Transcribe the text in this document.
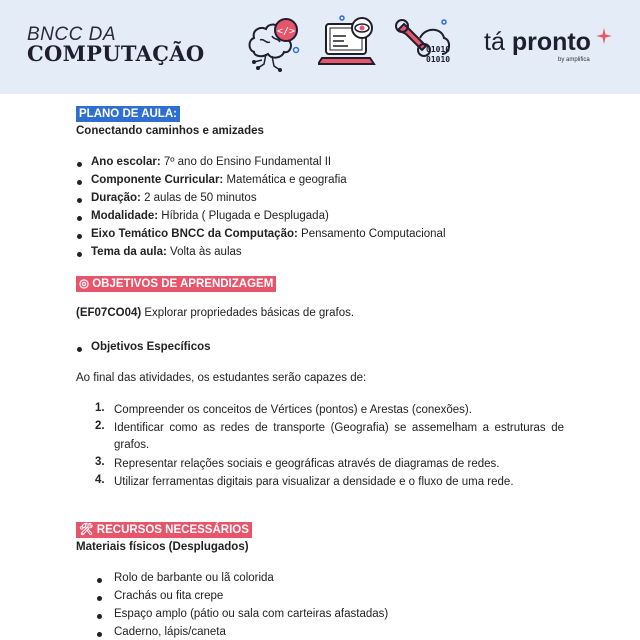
BNCC DA
COMPUTAÇÃO
</>
01010
01010
tá pronto
by amplifica
PLANO DE AULA:
Conectando caminhos e amizades
Ano escolar: 7º ano do Ensino Fundamental II
Componente Curricular: Matemática e geografia
Duração: 2 aulas de 50 minutos
Modalidade: Híbrida ( Plugada e Desplugada)
Eixo Temático BNCC da Computação: Pensamento Computacional
Tema da aula: Volta às aulas
◎ OBJETIVOS DE APRENDIZAGEM
(EF07CO04) Explorar propriedades básicas de grafos.
Objetivos Específicos
Ao final das atividades, os estudantes serão capazes de:
1. Compreender os conceitos de Vértices (pontos) e Arestas (conexões).
2. Identificar como as redes de transporte (Geografia) se assemelham a estruturas de grafos.
3. Representar relações sociais e geográficas através de diagramas de redes.
4. Utilizar ferramentas digitais para visualizar a densidade e o fluxo de uma rede.
🛠 RECURSOS NECESSÁRIOS
Materiais físicos (Desplugados)
Rolo de barbante ou lã colorida
Crachás ou fita crepe
Espaço amplo (pátio ou sala com carteiras afastadas)
Caderno, lápis/caneta
